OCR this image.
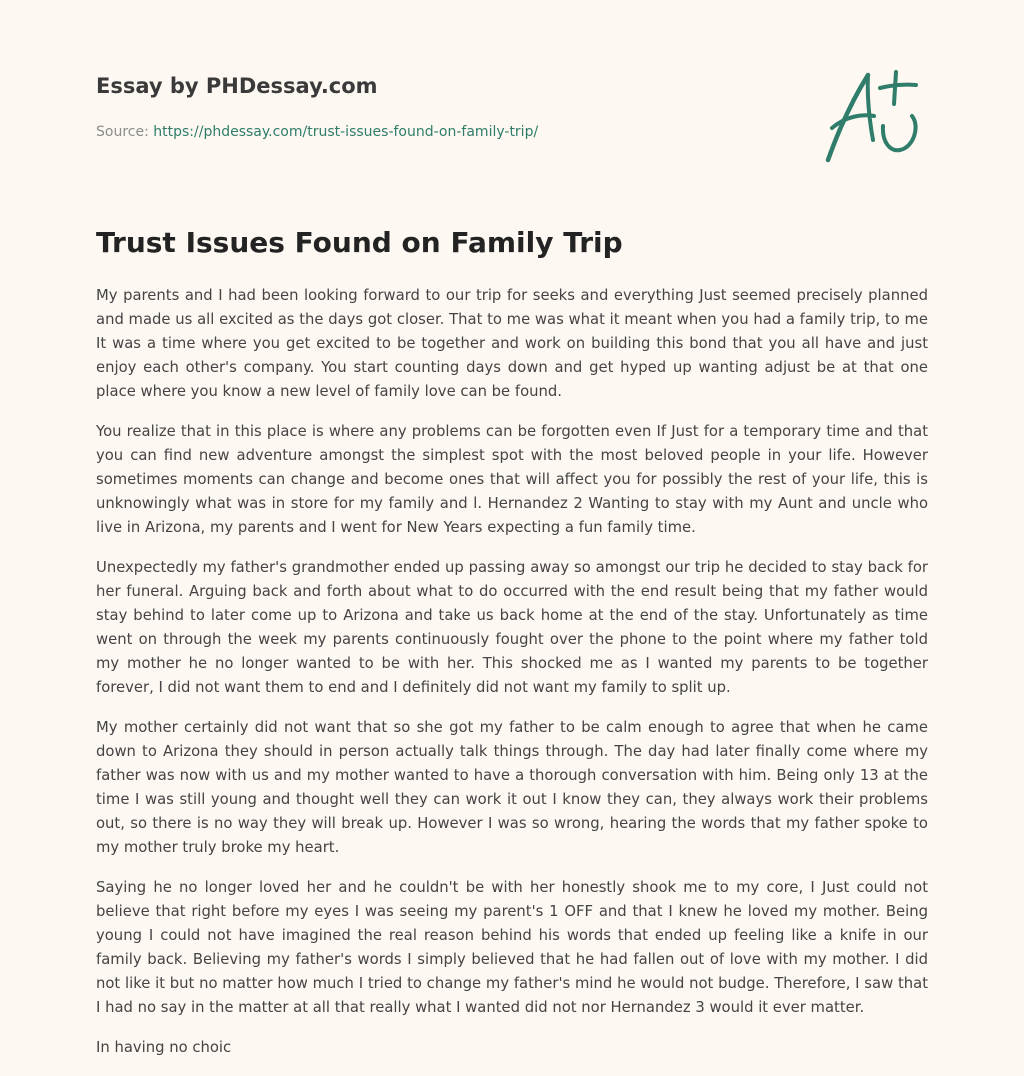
Essay by PHDessay.com
Source: https://phdessay.com/trust-issues-found-on-family-trip/
Trust Issues Found on Family Trip

My parents and I had been looking forward to our trip for seeks and everything Just seemed precisely planned and made us all excited as the days got closer. That to me was what it meant when you had a family trip, to me It was a time where you get excited to be together and work on building this bond that you all have and just enjoy each other's company. You start counting days down and get hyped up wanting adjust be at that one place where you know a new level of family love can be found.

You realize that in this place is where any problems can be forgotten even If Just for a temporary time and that you can find new adventure amongst the simplest spot with the most beloved people in your life. However sometimes moments can change and become ones that will affect you for possibly the rest of your life, this is unknowingly what was in store for my family and l. Hernandez 2 Wanting to stay with my Aunt and uncle who live in Arizona, my parents and I went for New Years expecting a fun family time.

Unexpectedly my father's grandmother ended up passing away so amongst our trip he decided to stay back for her funeral. Arguing back and forth about what to do occurred with the end result being that my father would stay behind to later come up to Arizona and take us back home at the end of the stay. Unfortunately as time went on through the week my parents continuously fought over the phone to the point where my father told my mother he no longer wanted to be with her. This shocked me as I wanted my parents to be together forever, I did not want them to end and I definitely did not want my family to split up.

My mother certainly did not want that so she got my father to be calm enough to agree that when he came down to Arizona they should in person actually talk things through. The day had later finally come where my father was now with us and my mother wanted to have a thorough conversation with him. Being only 13 at the time I was still young and thought well they can work it out I know they can, they always work their problems out, so there is no way they will break up. However I was so wrong, hearing the words that my father spoke to my mother truly broke my heart.

Saying he no longer loved her and he couldn't be with her honestly shook me to my core, I Just could not believe that right before my eyes I was seeing my parent's 1 OFF and that I knew he loved my mother. Being young I could not have imagined the real reason behind his words that ended up feeling like a knife in our family back. Believing my father's words I simply believed that he had fallen out of love with my mother. I did not like it but no matter how much I tried to change my father's mind he would not budge. Therefore, I saw that I had no say in the matter at all that really what I wanted did not nor Hernandez 3 would it ever matter.

In having no choic
